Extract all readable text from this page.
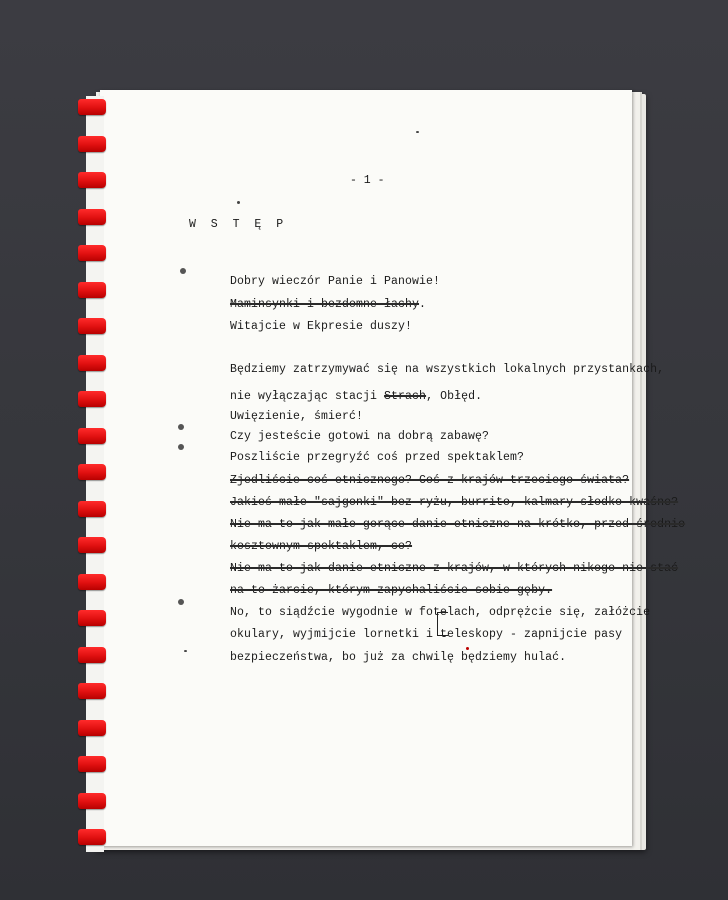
- 1 -
W S T Ę P

Dobry wieczór Panie i Panowie!

Maminsynki i bezdomne łachy.

Witajcie w Ekpresie duszy!

Będziemy zatrzymywać się na wszystkich lokalnych przystankach,

nie wyłączając stacji Strach, Obłęd.

Uwięzienie, śmierć!

Czy jesteście gotowi na dobrą zabawę?

Poszliście przegryźć coś przed spektaklem?

Zjedliście coś etnicznego? Coś z krajów trzeciego świata?

Jakieś małe "sajgonki" bez ryżu, burrito, kalmary słodko-kwaśne?

Nie ma to jak małe gorące danie etniczne na krótko, przed średnio

kosztownym spektaklem, co?

Nie ma to jak danie etniczne z krajów, w których nikogo nie stać

na to żarcie, którym zapychaliście sobie gęby.

No, to siądźcie wygodnie w fotelach, odprężcie się, załóżcie

okulary, wyjmijcie lornetki i teleskopy - zapnijcie pasy

bezpieczeństwa, bo już za chwilę będziemy hulać.
